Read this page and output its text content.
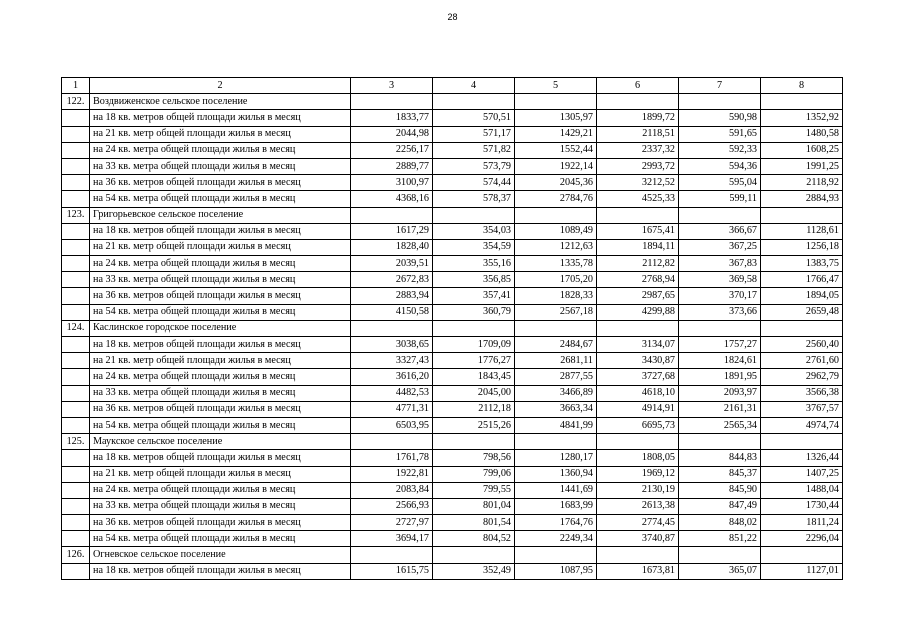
28
1	2	3	4	5	6	7	8
122.	Воздвиженское сельское поселение						
	на 18 кв. метров общей площади жилья в месяц	1833,77	570,51	1305,97	1899,72	590,98	1352,92
	на 21 кв. метр общей площади жилья в месяц	2044,98	571,17	1429,21	2118,51	591,65	1480,58
	на 24 кв. метра общей площади жилья в месяц	2256,17	571,82	1552,44	2337,32	592,33	1608,25
	на 33 кв. метра общей площади жилья в месяц	2889,77	573,79	1922,14	2993,72	594,36	1991,25
	на 36 кв. метров общей площади жилья в месяц	3100,97	574,44	2045,36	3212,52	595,04	2118,92
	на 54 кв. метра общей площади жилья в месяц	4368,16	578,37	2784,76	4525,33	599,11	2884,93
123.	Григорьевское сельское поселение						
	на 18 кв. метров общей площади жилья в месяц	1617,29	354,03	1089,49	1675,41	366,67	1128,61
	на 21 кв. метр общей площади жилья в месяц	1828,40	354,59	1212,63	1894,11	367,25	1256,18
	на 24 кв. метра общей площади жилья в месяц	2039,51	355,16	1335,78	2112,82	367,83	1383,75
	на 33 кв. метра общей площади жилья в месяц	2672,83	356,85	1705,20	2768,94	369,58	1766,47
	на 36 кв. метров общей площади жилья в месяц	2883,94	357,41	1828,33	2987,65	370,17	1894,05
	на 54 кв. метра общей площади жилья в месяц	4150,58	360,79	2567,18	4299,88	373,66	2659,48
124.	Каслинское городское поселение						
	на 18 кв. метров общей площади жилья в месяц	3038,65	1709,09	2484,67	3134,07	1757,27	2560,40
	на 21 кв. метр общей площади жилья в месяц	3327,43	1776,27	2681,11	3430,87	1824,61	2761,60
	на 24 кв. метра общей площади жилья в месяц	3616,20	1843,45	2877,55	3727,68	1891,95	2962,79
	на 33 кв. метра общей площади жилья в месяц	4482,53	2045,00	3466,89	4618,10	2093,97	3566,38
	на 36 кв. метров общей площади жилья в месяц	4771,31	2112,18	3663,34	4914,91	2161,31	3767,57
	на 54 кв. метра общей площади жилья в месяц	6503,95	2515,26	4841,99	6695,73	2565,34	4974,74
125.	Маукское сельское поселение						
	на 18 кв. метров общей площади жилья в месяц	1761,78	798,56	1280,17	1808,05	844,83	1326,44
	на 21 кв. метр общей площади жилья в месяц	1922,81	799,06	1360,94	1969,12	845,37	1407,25
	на 24 кв. метра общей площади жилья в месяц	2083,84	799,55	1441,69	2130,19	845,90	1488,04
	на 33 кв. метра общей площади жилья в месяц	2566,93	801,04	1683,99	2613,38	847,49	1730,44
	на 36 кв. метров общей площади жилья в месяц	2727,97	801,54	1764,76	2774,45	848,02	1811,24
	на 54 кв. метра общей площади жилья в месяц	3694,17	804,52	2249,34	3740,87	851,22	2296,04
126.	Огневское сельское поселение						
	на 18 кв. метров общей площади жилья в месяц	1615,75	352,49	1087,95	1673,81	365,07	1127,01
